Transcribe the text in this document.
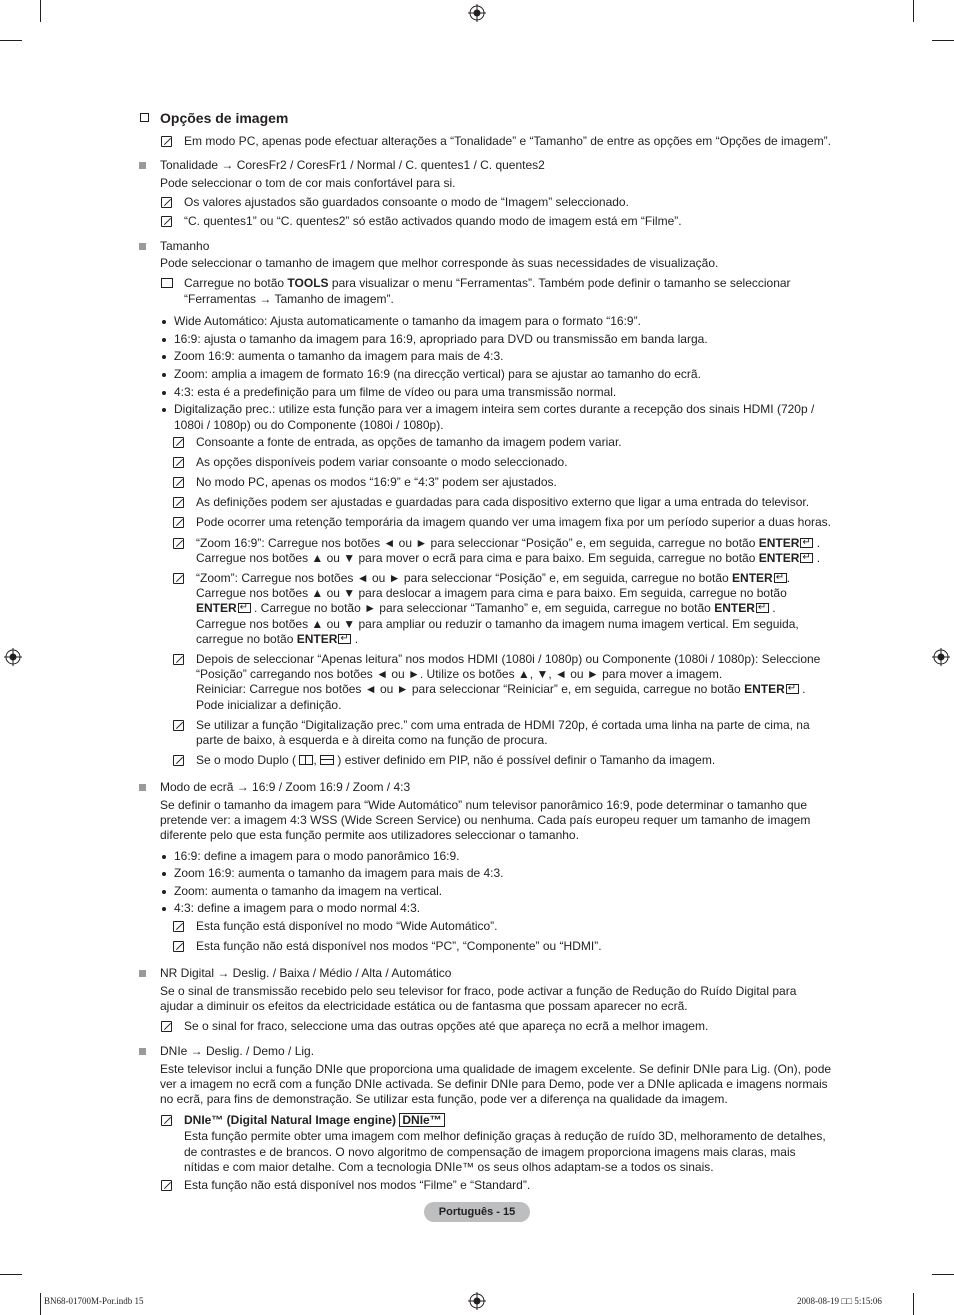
Opções de imagem
Em modo PC, apenas pode efectuar alterações a “Tonalidade” e “Tamanho” de entre as opções em “Opções de imagem”.
Tonalidade → CoresFr2 / CoresFr1 / Normal / C. quentes1 / C. quentes2
Pode seleccionar o tom de cor mais confortável para si.
Os valores ajustados são guardados consoante o modo de “Imagem” seleccionado.
“C. quentes1” ou “C. quentes2” só estão activados quando modo de imagem está em “Filme”.
Tamanho
Pode seleccionar o tamanho de imagem que melhor corresponde às suas necessidades de visualização.
Carregue no botão TOOLS para visualizar o menu “Ferramentas”. Também pode definir o tamanho se seleccionar
“Ferramentas → Tamanho de imagem”.
Wide Automático: Ajusta automaticamente o tamanho da imagem para o formato “16:9”.
16:9: ajusta o tamanho da imagem para 16:9, apropriado para DVD ou transmissão em banda larga.
Zoom 16:9: aumenta o tamanho da imagem para mais de 4:3.
Zoom: amplia a imagem de formato 16:9 (na direcção vertical) para se ajustar ao tamanho do ecrã.
4:3: esta é a predefinição para um filme de vídeo ou para uma transmissão normal.
Digitalização prec.: utilize esta função para ver a imagem inteira sem cortes durante a recepção dos sinais HDMI (720p /
1080i / 1080p) ou do Componente (1080i / 1080p).
Consoante a fonte de entrada, as opções de tamanho da imagem podem variar.
As opções disponíveis podem variar consoante o modo seleccionado.
No modo PC, apenas os modos “16:9” e “4:3” podem ser ajustados.
As definições podem ser ajustadas e guardadas para cada dispositivo externo que ligar a uma entrada do televisor.
Pode ocorrer uma retenção temporária da imagem quando ver uma imagem fixa por um período superior a duas horas.
“Zoom 16:9”: Carregue nos botões ◄ ou ► para seleccionar “Posição” e, em seguida, carregue no botão ENTER↵ .
Carregue nos botões ▲ ou ▼ para mover o ecrã para cima e para baixo. Em seguida, carregue no botão ENTER↵ .
“Zoom”: Carregue nos botões ◄ ou ► para seleccionar “Posição” e, em seguida, carregue no botão ENTER ↵ .
Carregue nos botões ▲ ou ▼ para deslocar a imagem para cima e para baixo. Em seguida, carregue no botão
ENTER ↵ . Carregue no botão ► para seleccionar “Tamanho” e, em seguida, carregue no botão ENTER↵ .
Carregue nos botões ▲ ou ▼ para ampliar ou reduzir o tamanho da imagem numa imagem vertical. Em seguida,
carregue no botão ENTER↵ .
Depois de seleccionar “Apenas leitura” nos modos HDMI (1080i / 1080p) ou Componente (1080i / 1080p): Seleccione
“Posição” carregando nos botões ◄ ou ►. Utilize os botões ▲, ▼, ◄ ou ► para mover a imagem.
Reiniciar: Carregue nos botões ◄ ou ► para seleccionar “Reiniciar” e, em seguida, carregue no botão ENTER↵ .
Pode inicializar a definição.
Se utilizar a função “Digitalização prec.” com uma entrada de HDMI 720p, é cortada uma linha na parte de cima, na
parte de baixo, à esquerda e à direita como na função de procura.
Se o modo Duplo ( ,  ) estiver definido em PIP, não é possível definir o Tamanho da imagem.
Modo de ecrã → 16:9 / Zoom 16:9 / Zoom / 4:3
Se definir o tamanho da imagem para “Wide Automático” num televisor panorâmico 16:9, pode determinar o tamanho que
pretende ver: a imagem 4:3 WSS (Wide Screen Service) ou nenhuma. Cada país europeu requer um tamanho de imagem
diferente pelo que esta função permite aos utilizadores seleccionar o tamanho.
16:9: define a imagem para o modo panorâmico 16:9.
Zoom 16:9: aumenta o tamanho da imagem para mais de 4:3.
Zoom: aumenta o tamanho da imagem na vertical.
4:3: define a imagem para o modo normal 4:3.
Esta função está disponível no modo “Wide Automático”.
Esta função não está disponível nos modos “PC”, “Componente” ou “HDMI”.
NR Digital → Deslig. / Baixa / Médio / Alta / Automático
Se o sinal de transmissão recebido pelo seu televisor for fraco, pode activar a função de Redução do Ruído Digital para
ajudar a diminuir os efeitos da electricidade estática ou de fantasma que possam aparecer no ecrã.
Se o sinal for fraco, seleccione uma das outras opções até que apareça no ecrã a melhor imagem.
DNIe → Deslig. / Demo / Lig.
Este televisor inclui a função DNIe que proporciona uma qualidade de imagem excelente. Se definir DNIe para Lig. (On), pode
ver a imagem no ecrã com a função DNIe activada. Se definir DNIe para Demo, pode ver a DNIe aplicada e imagens normais
no ecrã, para fins de demonstração. Se utilizar esta função, pode ver a diferença na qualidade da imagem.
DNIe™ (Digital Natural Image engine) DNIe™
Esta função permite obter uma imagem com melhor definição graças à redução de ruído 3D, melhoramento de detalhes,
de contrastes e de brancos. O novo algoritmo de compensação de imagem proporciona imagens mais claras, mais
nítidas e com maior detalhe. Com a tecnologia DNIe™ os seus olhos adaptam-se a todos os sinais.
Esta função não está disponível nos modos “Filme” e “Standard”.
Português - 15
BN68-01700M-Por.indb 15	2008-08-19 □□ 5:15:06
